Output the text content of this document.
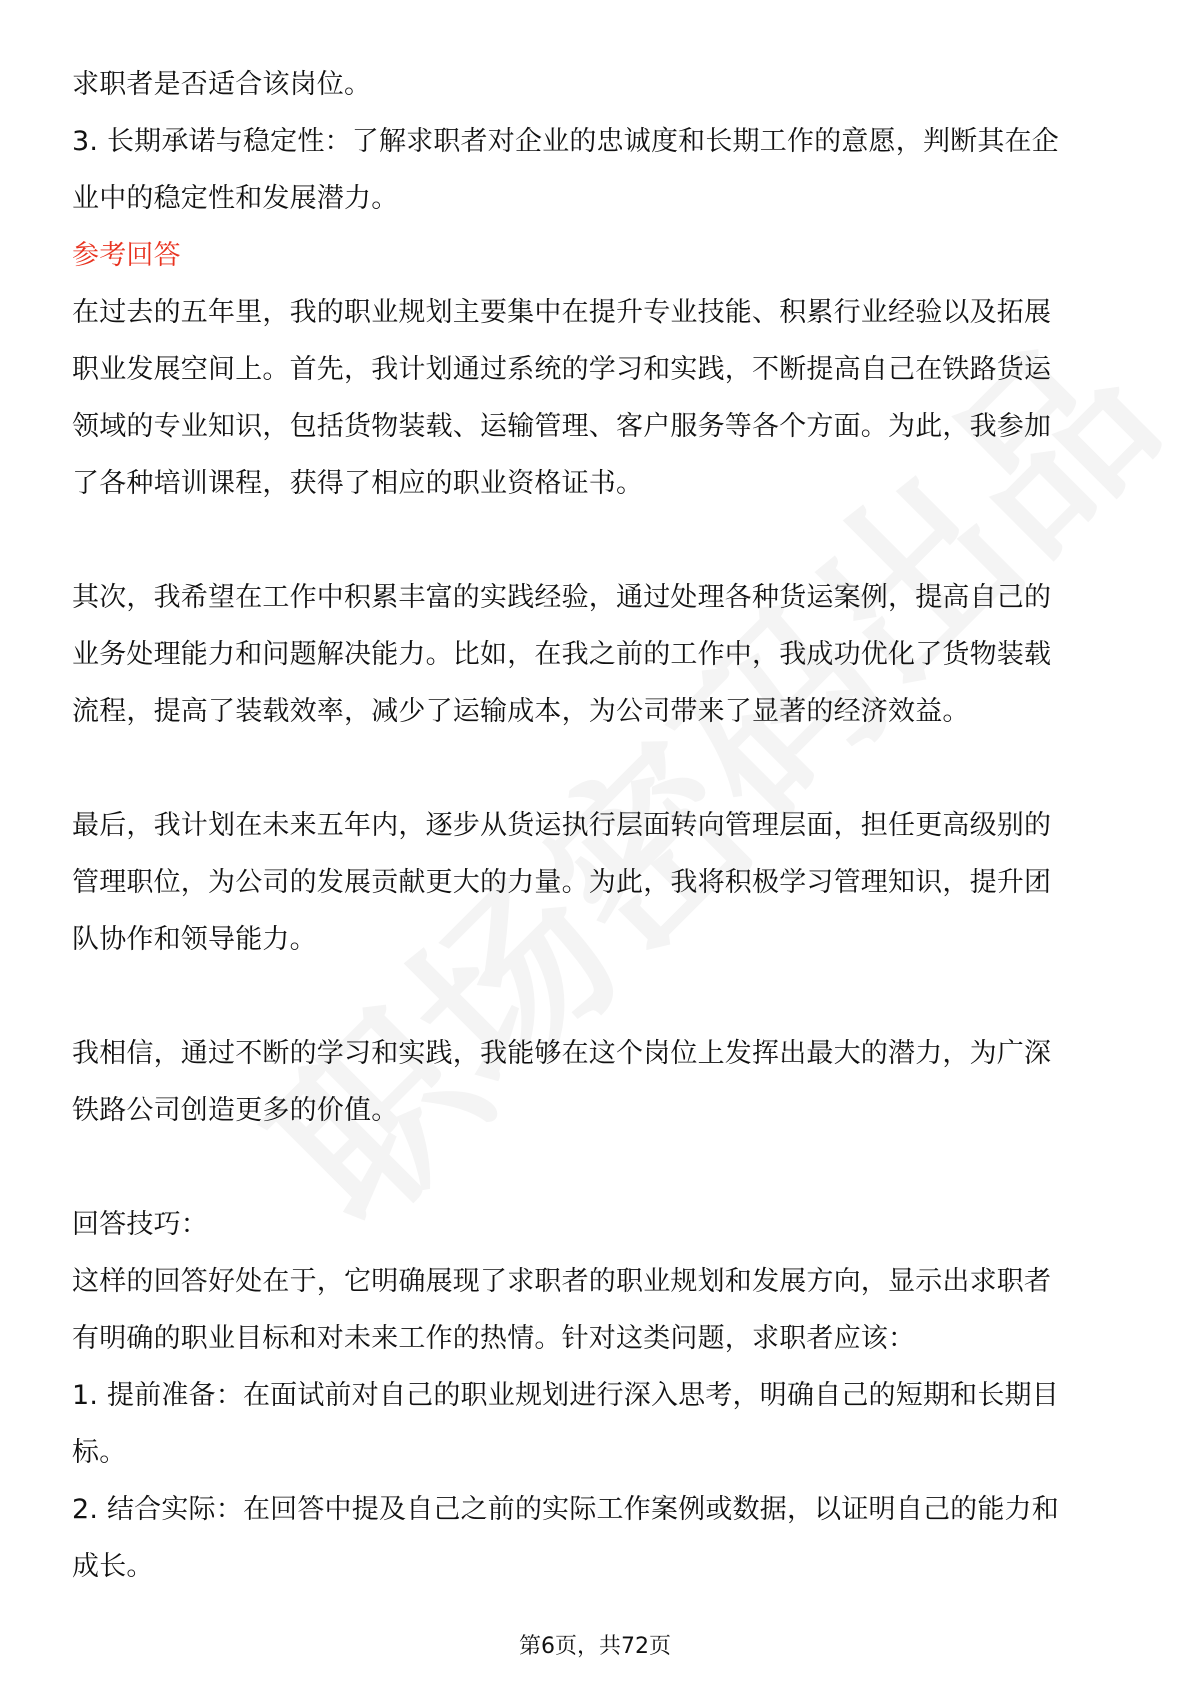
求职者是否适合该岗位。
3. 长期承诺与稳定性：了解求职者对企业的忠诚度和长期工作的意愿，判断其在企
业中的稳定性和发展潜力。
参考回答
在过去的五年里，我的职业规划主要集中在提升专业技能、积累行业经验以及拓展
职业发展空间上。首先，我计划通过系统的学习和实践，不断提高自己在铁路货运
领域的专业知识，包括货物装载、运输管理、客户服务等各个方面。为此，我参加
了各种培训课程，获得了相应的职业资格证书。
其次，我希望在工作中积累丰富的实践经验，通过处理各种货运案例，提高自己的
业务处理能力和问题解决能力。比如，在我之前的工作中，我成功优化了货物装载
流程，提高了装载效率，减少了运输成本，为公司带来了显著的经济效益。
最后，我计划在未来五年内，逐步从货运执行层面转向管理层面，担任更高级别的
管理职位，为公司的发展贡献更大的力量。为此，我将积极学习管理知识，提升团
队协作和领导能力。
我相信，通过不断的学习和实践，我能够在这个岗位上发挥出最大的潜力，为广深
铁路公司创造更多的价值。
回答技巧：
这样的回答好处在于，它明确展现了求职者的职业规划和发展方向，显示出求职者
有明确的职业目标和对未来工作的热情。针对这类问题，求职者应该：
1. 提前准备：在面试前对自己的职业规划进行深入思考，明确自己的短期和长期目
标。
2. 结合实际：在回答中提及自己之前的实际工作案例或数据，以证明自己的能力和
成长。
第6页，共72页
